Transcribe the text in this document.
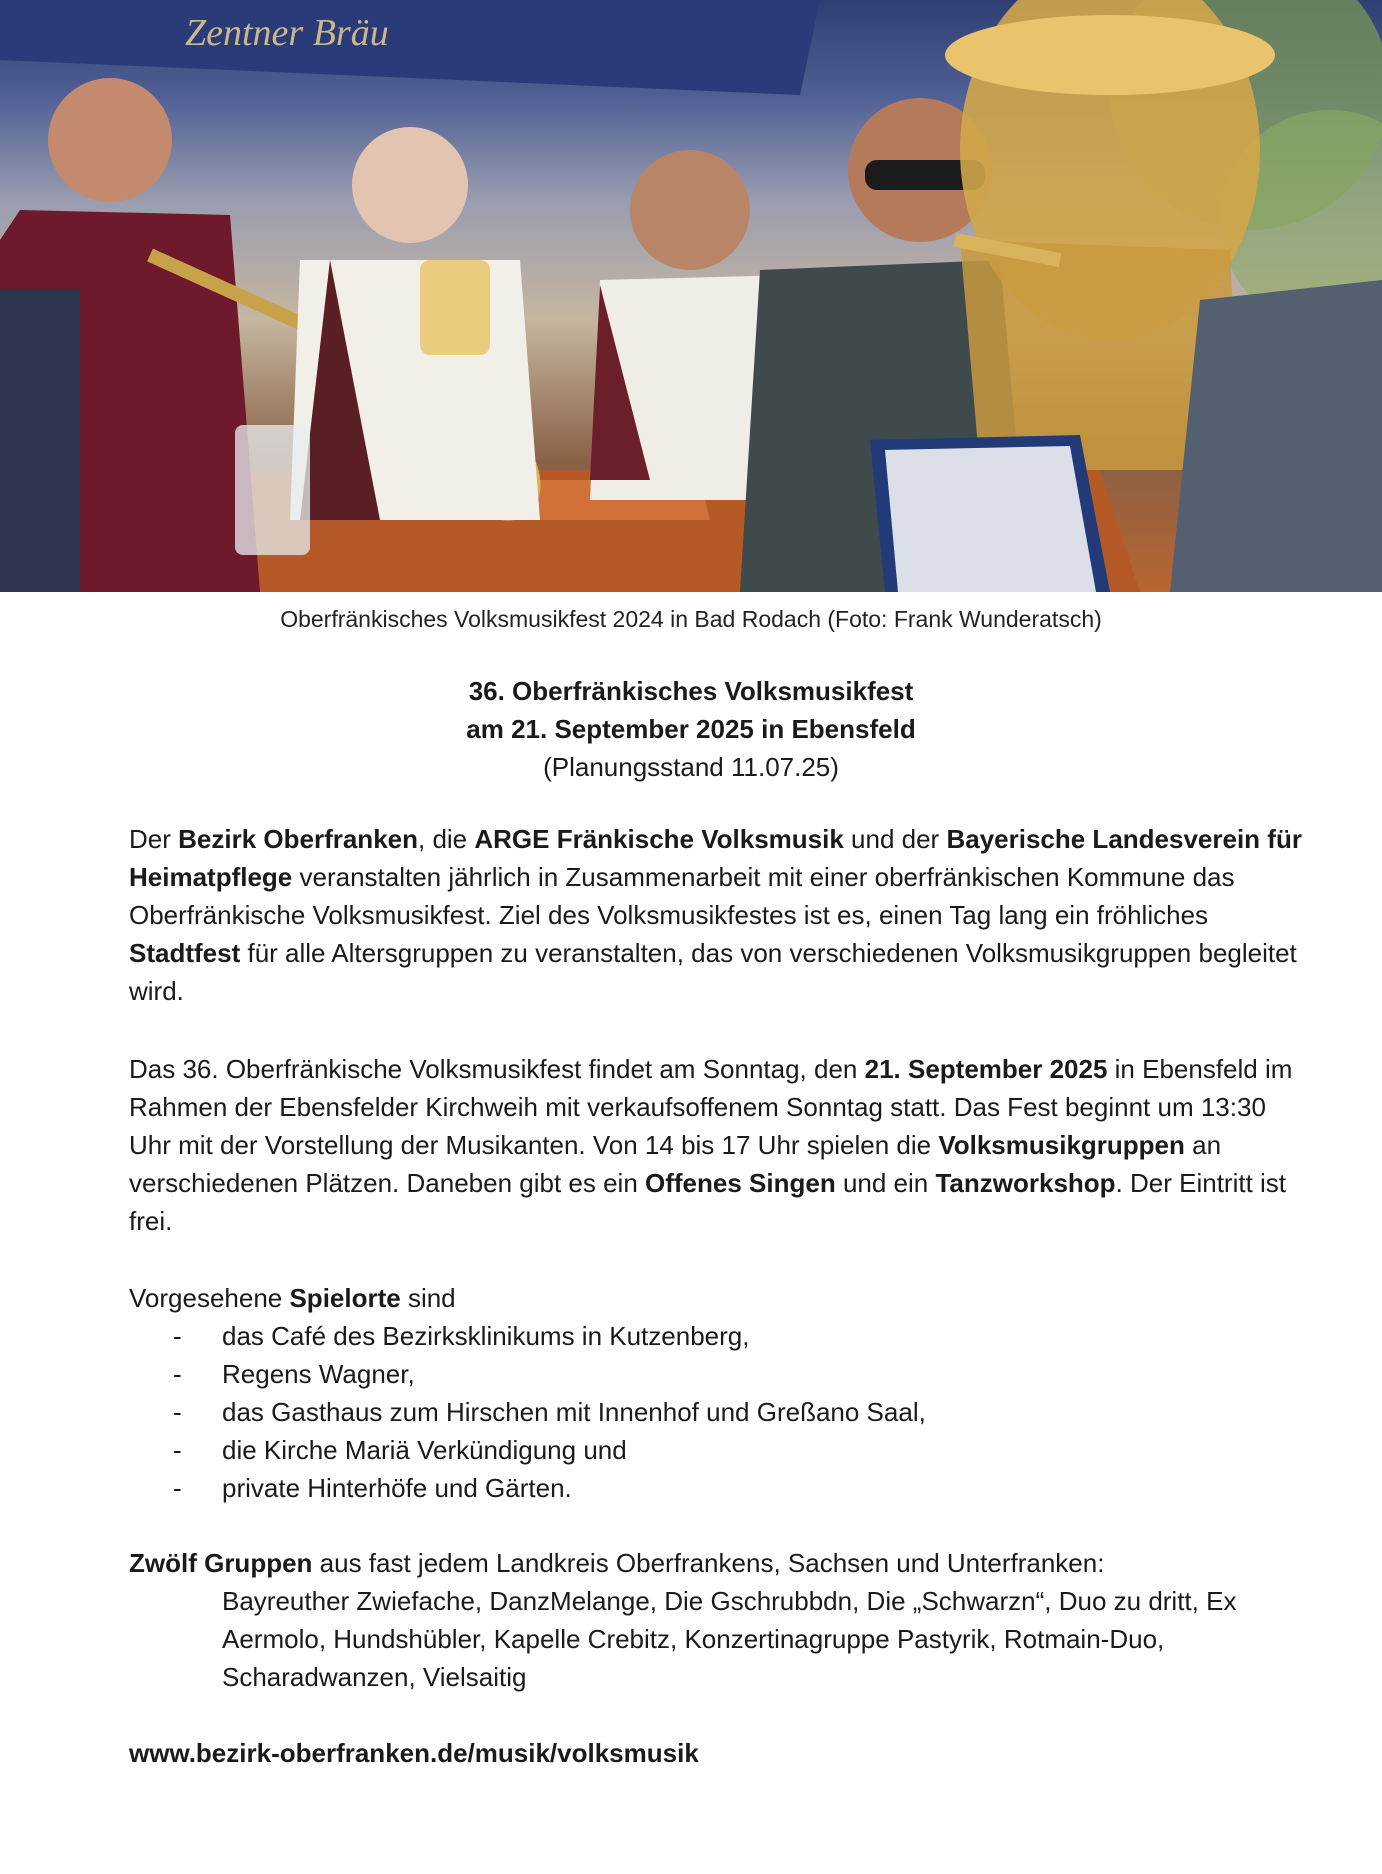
Zentner Bräu
Oberfränkisches Volksmusikfest 2024 in Bad Rodach (Foto: Frank Wunderatsch)
36. Oberfränkisches Volksmusikfest
am 21. September 2025 in Ebensfeld
(Planungsstand 11.07.25)
Der Bezirk Oberfranken, die ARGE Fränkische Volksmusik und der Bayerische Landesverein für Heimatpflege veranstalten jährlich in Zusammenarbeit mit einer oberfränkischen Kommune das Oberfränkische Volksmusikfest. Ziel des Volksmusikfestes ist es, einen Tag lang ein fröhliches Stadtfest für alle Altersgruppen zu veranstalten, das von verschiedenen Volksmusikgruppen begleitet wird.
Das 36. Oberfränkische Volksmusikfest findet am Sonntag, den 21. September 2025 in Ebensfeld im Rahmen der Ebensfelder Kirchweih mit verkaufsoffenem Sonntag statt. Das Fest beginnt um 13:30 Uhr mit der Vorstellung der Musikanten. Von 14 bis 17 Uhr spielen die Volksmusikgruppen an verschiedenen Plätzen. Daneben gibt es ein Offenes Singen und ein Tanzworkshop. Der Eintritt ist frei.
Vorgesehene Spielorte sind
- das Café des Bezirksklinikums in Kutzenberg,
- Regens Wagner,
- das Gasthaus zum Hirschen mit Innenhof und Greßano Saal,
- die Kirche Mariä Verkündigung und
- private Hinterhöfe und Gärten.
Zwölf Gruppen aus fast jedem Landkreis Oberfrankens, Sachsen und Unterfranken:
Bayreuther Zwiefache, DanzMelange, Die Gschrubbdn, Die „Schwarzn“, Duo zu dritt, Ex Aermolo, Hundshübler, Kapelle Crebitz, Konzertinagruppe Pastyrik, Rotmain-Duo, Scharadwanzen, Vielsaitig
www.bezirk-oberfranken.de/musik/volksmusik
